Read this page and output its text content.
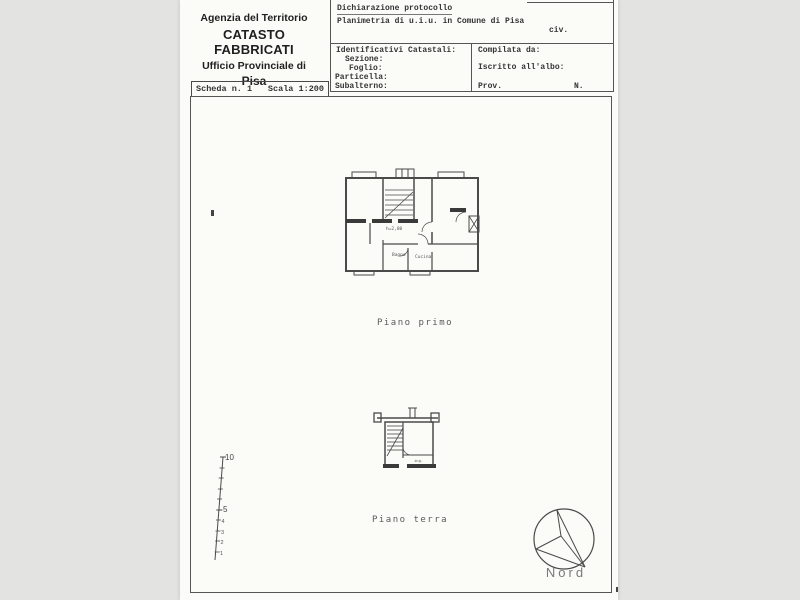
Agenzia del Territorio
CATASTO FABBRICATI
Ufficio Provinciale di
Pisa
Scheda n. 1 Scala 1:200
Dichiarazione protocollo
Planimetria di u.i.u. in Comune di Pisa
civ.
Identificativi Catastali:
Sezione:
Foglio:
Particella:
Subalterno:
Compilata da:
Iscritto all'albo:
Prov.	N.
h=2,80
Bagno Cucina
Piano primo
ing.
Piano terra
10
5
4
3
2
1
Nord
